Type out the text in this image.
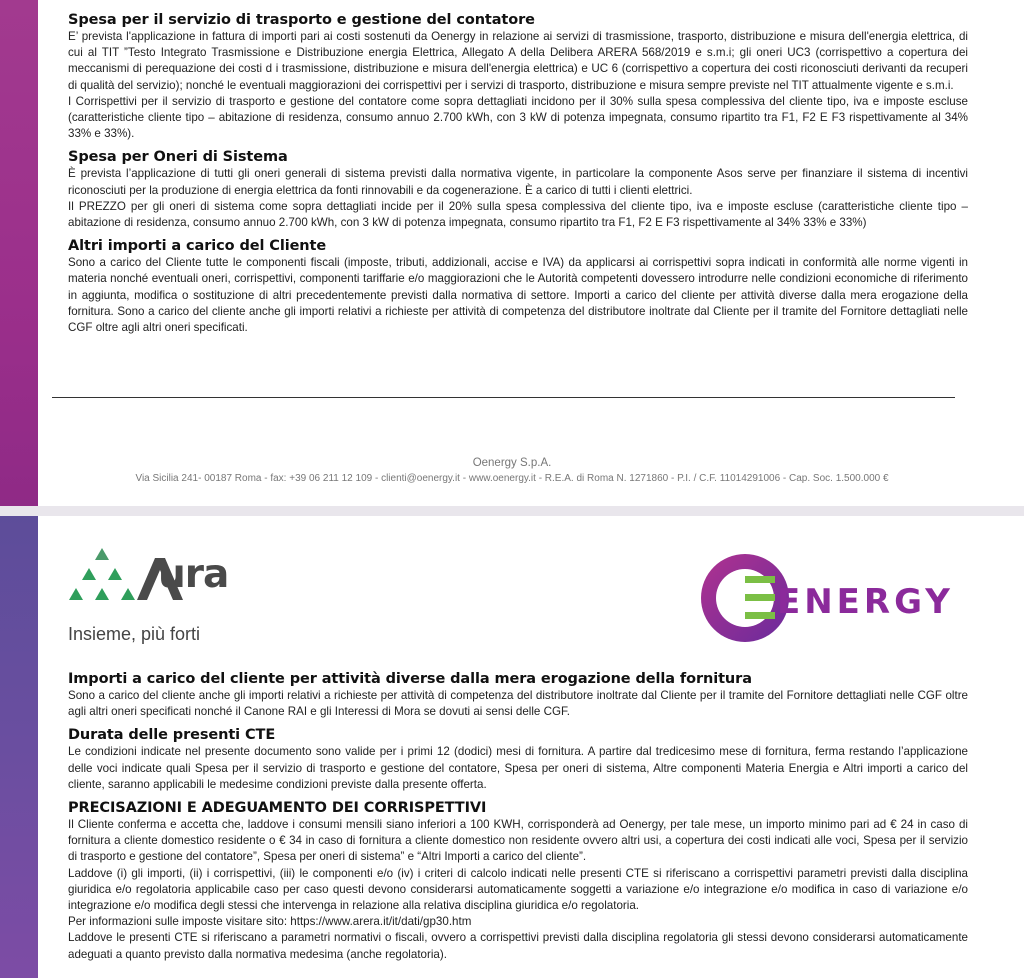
Spesa per il servizio di trasporto e gestione del contatore

E’ prevista l'applicazione in fattura di importi pari ai costi sostenuti da Oenergy in relazione ai servizi di trasmissione, trasporto, distribuzione e misura dell'energia elettrica, di cui al TIT ”Testo Integrato Trasmissione e Distribuzione energia Elettrica, Allegato A della Delibera ARERA 568/2019 e s.m.i; gli oneri UC3 (corrispettivo a copertura dei meccanismi di perequazione dei costi d i trasmissione, distribuzione e misura dell'energia elettrica) e UC 6 (corrispettivo a copertura dei costi riconosciuti derivanti da recuperi di qualità del servizio); nonché le eventuali maggiorazioni dei corrispettivi per i servizi di trasporto, distribuzione e misura sempre previste nel TIT attualmente vigente e s.m.i.

I Corrispettivi per il servizio di trasporto e gestione del contatore come sopra dettagliati incidono per il 30% sulla spesa complessiva del cliente tipo, iva e imposte escluse (caratteristiche cliente tipo – abitazione di residenza, consumo annuo 2.700 kWh, con 3 kW di potenza impegnata, consumo ripartito tra F1, F2 E F3 rispettivamente al 34% 33% e 33%).

Spesa per Oneri di Sistema

È prevista l’applicazione di tutti gli oneri generali di sistema previsti dalla normativa vigente, in particolare la componente Asos serve per finanziare il sistema di incentivi riconosciuti per la produzione di energia elettrica da fonti rinnovabili e da cogenerazione. È a carico di tutti i clienti elettrici.

Il PREZZO per gli oneri di sistema come sopra dettagliati incide per il 20% sulla spesa complessiva del cliente tipo, iva e imposte escluse (caratteristiche cliente tipo – abitazione di residenza, consumo annuo 2.700 kWh, con 3 kW di potenza impegnata, consumo ripartito tra F1, F2 E F3 rispettivamente al 34% 33% e 33%)

Altri importi a carico del Cliente

Sono a carico del Cliente tutte le componenti fiscali (imposte, tributi, addizionali, accise e IVA) da applicarsi ai corrispettivi sopra indicati in conformità alle norme vigenti in materia nonché eventuali oneri, corrispettivi, componenti tariffarie e/o maggiorazioni che le Autorità competenti dovessero introdurre nelle condizioni economiche di riferimento in aggiunta, modifica o sostituzione di altri precedentemente previsti dalla normativa di settore. Importi a carico del cliente per attività diverse dalla mera erogazione della fornitura. Sono a carico del cliente anche gli importi relativi a richieste per attività di competenza del distributore inoltrate dal Cliente per il tramite del Fornitore dettagliati nelle CGF oltre agli altri oneri specificati.

Oenergy S.p.A.
Via Sicilia 241- 00187 Roma - fax: +39 06 211 12 109 - clienti@oenergy.it - www.oenergy.it - R.E.A. di Roma N. 1271860 - P.I. / C.F. 11014291006 - Cap. Soc. 1.500.000 €
ura
Insieme, più forti
ENERGY
Importi a carico del cliente per attività diverse dalla mera erogazione della fornitura

Sono a carico del cliente anche gli importi relativi a richieste per attività di competenza del distributore inoltrate dal Cliente per il tramite del Fornitore dettagliati nelle CGF oltre agli altri oneri specificati nonché il Canone RAI e gli Interessi di Mora se dovuti ai sensi delle CGF.

Durata delle presenti CTE

Le condizioni indicate nel presente documento sono valide per i primi 12 (dodici) mesi di fornitura. A partire dal tredicesimo mese di fornitura, ferma restando l’applicazione delle voci indicate quali Spesa per il servizio di trasporto e gestione del contatore, Spesa per oneri di sistema, Altre componenti Materia Energia e Altri importi a carico del cliente, saranno applicabili le medesime condizioni previste dalla presente offerta.

PRECISAZIONI E ADEGUAMENTO DEI CORRISPETTIVI

Il Cliente conferma e accetta che, laddove i consumi mensili siano inferiori a 100 KWH, corrisponderà ad Oenergy, per tale mese, un importo minimo pari ad € 24 in caso di fornitura a cliente domestico residente o € 34 in caso di fornitura a cliente domestico non residente ovvero altri usi, a copertura dei costi indicati alle voci, Spesa per il servizio di trasporto e gestione del contatore”, Spesa per oneri di sistema” e “Altri Importi a carico del cliente”.

Laddove (i) gli importi, (ii) i corrispettivi, (iii) le componenti e/o (iv) i criteri di calcolo indicati nelle presenti CTE si riferiscano a corrispettivi parametri previsti dalla disciplina giuridica e/o regolatoria applicabile caso per caso questi devono considerarsi automaticamente soggetti a variazione e/o integrazione e/o modifica in caso di variazione e/o integrazione e/o modifica degli stessi che intervenga in relazione alla relativa disciplina giuridica e/o regolatoria.

Per informazioni sulle imposte visitare sito: https://www.arera.it/it/dati/gp30.htm

Laddove le presenti CTE si riferiscano a parametri normativi o fiscali, ovvero a corrispettivi previsti dalla disciplina regolatoria gli stessi devono considerarsi automaticamente adeguati a quanto previsto dalla normativa medesima (anche regolatoria).
